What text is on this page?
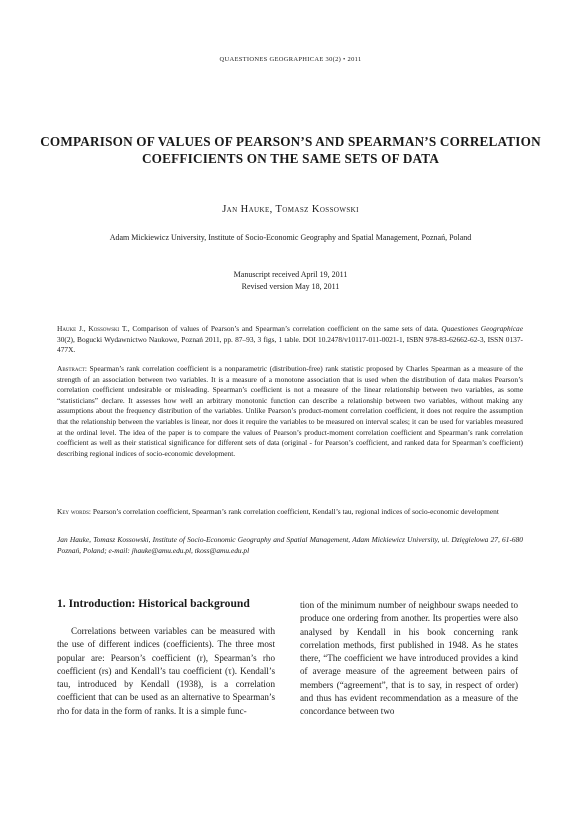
QUAESTIONES GEOGRAPHICAE 30(2) • 2011
COMPARISON OF VALUES OF PEARSON’S AND SPEARMAN’S CORRELATION COEFFICIENTS ON THE SAME SETS OF DATA
Jan Hauke, Tomasz Kossowski
Adam Mickiewicz University, Institute of Socio-Economic Geography and Spatial Management, Poznań, Poland
Manuscript received April 19, 2011
Revised version May 18, 2011
Hauke J., Kossowski T., Comparison of values of Pearson’s and Spearman’s correlation coefficient on the same sets of data. Quaestiones Geographicae 30(2), Bogucki Wydawnictwo Naukowe, Poznań 2011, pp. 87–93, 3 figs, 1 table. DOI 10.2478/v10117-011-0021-1, ISBN 978-83-62662-62-3, ISSN 0137-477X.
Abstract: Spearman’s rank correlation coefficient is a nonparametric (distribution-free) rank statistic proposed by Charles Spearman as a measure of the strength of an association between two variables. It is a measure of a monotone association that is used when the distribution of data makes Pearson’s correlation coefficient undesirable or misleading. Spearman’s coefficient is not a measure of the linear relationship between two variables, as some “statisticians” declare. It assesses how well an arbitrary monotonic function can describe a relationship between two variables, without making any assumptions about the frequency distribution of the variables. Unlike Pearson’s product-moment correlation coefficient, it does not require the assumption that the relationship between the variables is linear, nor does it require the variables to be measured on interval scales; it can be used for variables measured at the ordinal level. The idea of the paper is to compare the values of Pearson’s product-moment correlation coefficient and Spearman’s rank correlation coefficient as well as their statistical significance for different sets of data (original - for Pearson’s coefficient, and ranked data for Spearman’s coefficient) describing regional indices of socio-economic development.
Key words: Pearson’s correlation coefficient, Spearman’s rank correlation coefficient, Kendall’s tau, regional indices of socio-economic development
Jan Hauke, Tomasz Kossowski, Institute of Socio-Economic Geography and Spatial Management, Adam Mickiewicz University, ul. Dzięgielowa 27, 61-680 Poznań, Poland; e-mail: jhauke@amu.edu.pl, tkoss@amu.edu.pl
1. Introduction: Historical background

Correlations between variables can be measured with the use of different indices (coefficients). The three most popular are: Pearson’s coefficient (r), Spearman’s rho coefficient (rs) and Kendall’s tau coefficient (τ). Kendall’s tau, introduced by Kendall (1938), is a correlation coefficient that can be used as an alternative to Spearman’s rho for data in the form of ranks. It is a simple func-

tion of the minimum number of neighbour swaps needed to produce one ordering from another. Its properties were also analysed by Kendall in his book concerning rank correlation methods, first published in 1948. As he states there, “The coefficient we have introduced provides a kind of average measure of the agreement between pairs of members (“agreement”, that is to say, in respect of order) and thus has evident recommendation as a measure of the concordance between two
